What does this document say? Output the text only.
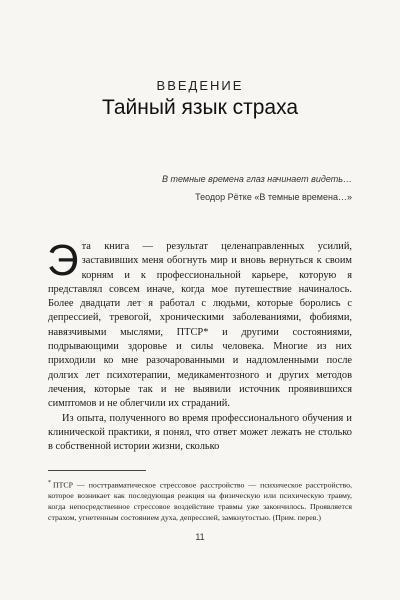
ВВЕДЕНИЕ
Тайный язык страха
В темные времена глаз начинает видеть…
Теодор Рётке «В темные времена…»

Эта книга — результат целенаправленных усилий, заставивших меня обогнуть мир и вновь вернуться к своим корням и к профессиональной карьере, которую я представлял совсем иначе, когда мое путешествие начиналось. Более двадцати лет я работал с людьми, которые боролись с депрессией, тревогой, хроническими заболеваниями, фобиями, навязчивыми мыслями, ПТСР* и другими состояниями, подрывающими здоровье и силы человека. Многие из них приходили ко мне разочарованными и надломленными после долгих лет психотерапии, медикаментозного и других методов лечения, которые так и не выявили источник проявившихся симптомов и не облегчили их страданий.

Из опыта, полученного во время профессионального обучения и клинической практики, я понял, что ответ может лежать не столько в собственной истории жизни, сколько

* ПТСР — посттравматическое стрессовое расстройство — психическое расстройство, которое возникает как последующая реакция на физическую или психическую травму, когда непосредственное стрессовое воздействие травмы уже закончилось. Проявляется страхом, угнетенным состоянием духа, депрессией, замкнутостью. (Прим. перев.)
11
